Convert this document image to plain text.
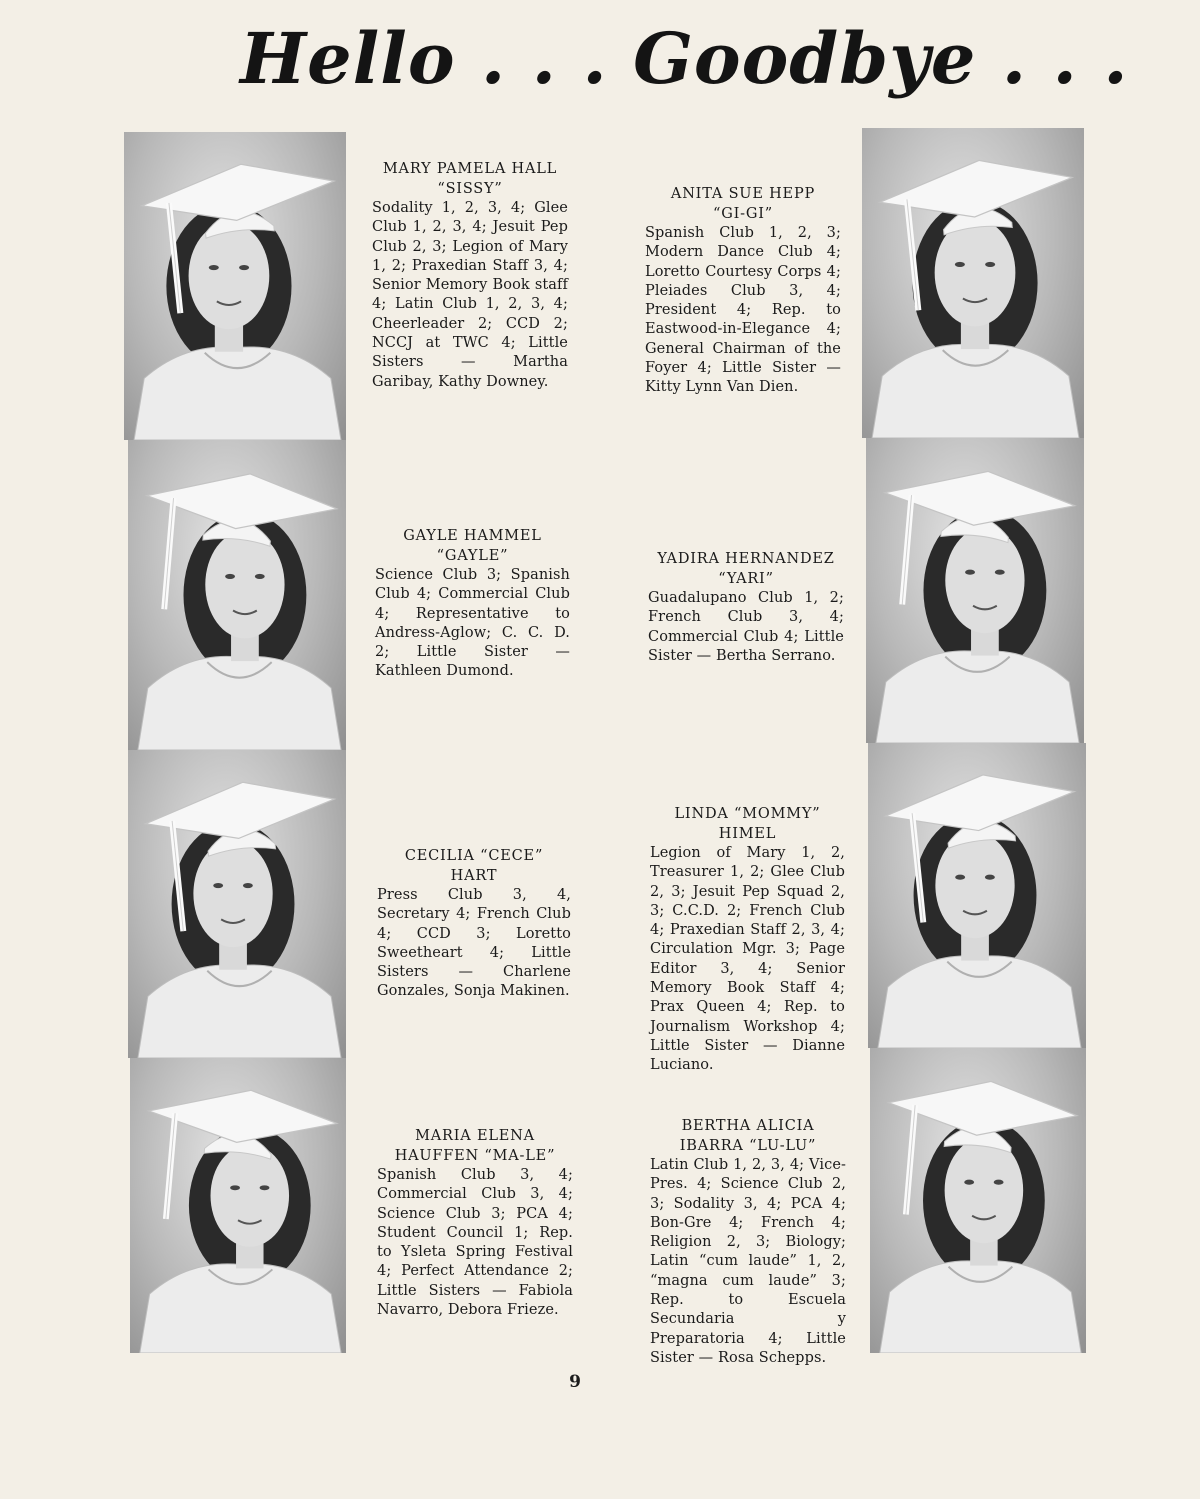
Hello . . . Goodbye . . .
MARY PAMELA HALL
“SISSY”
Sodality 1, 2, 3, 4; Glee Club 1, 2, 3, 4; Jesuit Pep Club 2, 3; Legion of Mary 1, 2; Praxedian Staff 3, 4; Senior Memory Book staff 4; Latin Club 1, 2, 3, 4; Cheerleader 2; CCD 2; NCCJ at TWC 4; Little Sisters — Martha Garibay, Kathy Downey.
GAYLE HAMMEL
“GAYLE”
Science Club 3; Spanish Club 4; Commercial Club 4; Representative to Andress-Aglow; C. C. D. 2; Little Sister — Kathleen Dumond.
CECILIA “CECE”
HART
Press Club 3, 4, Secretary 4; French Club 4; CCD 3; Loretto Sweetheart 4; Little Sisters — Charlene Gonzales, Sonja Makinen.
MARIA ELENA
HAUFFEN “MA-LE”
Spanish Club 3, 4; Commercial Club 3, 4; Science Club 3; PCA 4; Student Council 1; Rep. to Ysleta Spring Festival 4; Perfect Attendance 2; Little Sisters — Fabiola Navarro, Debora Frieze.
ANITA SUE HEPP
“GI-GI”
Spanish Club 1, 2, 3; Modern Dance Club 4; Loretto Courtesy Corps 4; Pleiades Club 3, 4; President 4; Rep. to Eastwood-in-Elegance 4; General Chairman of the Foyer 4; Little Sister — Kitty Lynn Van Dien.
YADIRA HERNANDEZ
“YARI”
Guadalupano Club 1, 2; French Club 3, 4; Commercial Club 4; Little Sister — Bertha Serrano.
LINDA “MOMMY”
HIMEL
Legion of Mary 1, 2, Treasurer 1, 2; Glee Club 2, 3; Jesuit Pep Squad 2, 3; C.C.D. 2; French Club 4; Praxedian Staff 2, 3, 4; Circulation Mgr. 3; Page Editor 3, 4; Senior Memory Book Staff 4; Prax Queen 4; Rep. to Journalism Workshop 4; Little Sister — Dianne Luciano.
BERTHA ALICIA
IBARRA “LU-LU”
Latin Club 1, 2, 3, 4; Vice-Pres. 4; Science Club 2, 3; Sodality 3, 4; PCA 4; Bon-Gre 4; French 4; Religion 2, 3; Biology; Latin “cum laude” 1, 2, “magna cum laude” 3; Rep. to Escuela Secundaria y Preparatoria 4; Little Sister — Rosa Schepps.
9
